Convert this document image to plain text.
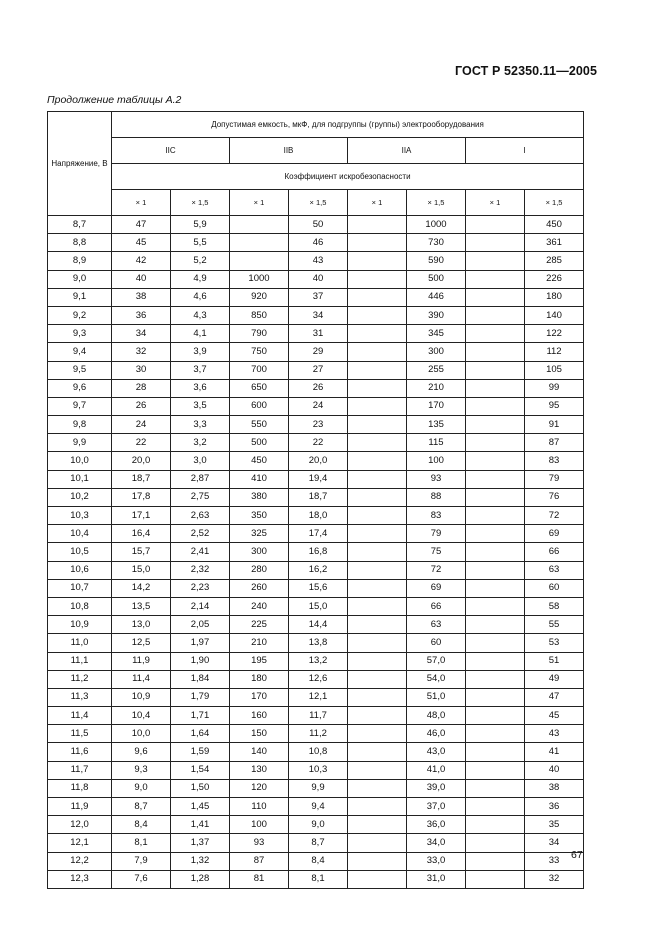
ГОСТ Р 52350.11—2005
Продолжение таблицы А.2
Напряжение, В	Допустимая емкость, мкФ, для подгруппы (группы) электрооборудования							
	IIC		IIB		IIA		I	
	Коэффициент искробезопасности							
	× 1	× 1,5	× 1	× 1,5	× 1	× 1,5	× 1	× 1,5
8,7	47	5,9		50		1000		450
8,8	45	5,5		46		730		361
8,9	42	5,2		43		590		285
9,0	40	4,9	1000	40		500		226
9,1	38	4,6	920	37		446		180
9,2	36	4,3	850	34		390		140
9,3	34	4,1	790	31		345		122
9,4	32	3,9	750	29		300		112
9,5	30	3,7	700	27		255		105
9,6	28	3,6	650	26		210		99
9,7	26	3,5	600	24		170		95
9,8	24	3,3	550	23		135		91
9,9	22	3,2	500	22		115		87
10,0	20,0	3,0	450	20,0		100		83
10,1	18,7	2,87	410	19,4		93		79
10,2	17,8	2,75	380	18,7		88		76
10,3	17,1	2,63	350	18,0		83		72
10,4	16,4	2,52	325	17,4		79		69
10,5	15,7	2,41	300	16,8		75		66
10,6	15,0	2,32	280	16,2		72		63
10,7	14,2	2,23	260	15,6		69		60
10,8	13,5	2,14	240	15,0		66		58
10,9	13,0	2,05	225	14,4		63		55
11,0	12,5	1,97	210	13,8		60		53
11,1	11,9	1,90	195	13,2		57,0		51
11,2	11,4	1,84	180	12,6		54,0		49
11,3	10,9	1,79	170	12,1		51,0		47
11,4	10,4	1,71	160	11,7		48,0		45
11,5	10,0	1,64	150	11,2		46,0		43
11,6	9,6	1,59	140	10,8		43,0		41
11,7	9,3	1,54	130	10,3		41,0		40
11,8	9,0	1,50	120	9,9		39,0		38
11,9	8,7	1,45	110	9,4		37,0		36
12,0	8,4	1,41	100	9,0		36,0		35
12,1	8,1	1,37	93	8,7		34,0		34
12,2	7,9	1,32	87	8,4		33,0		33
12,3	7,6	1,28	81	8,1		31,0		32
67
